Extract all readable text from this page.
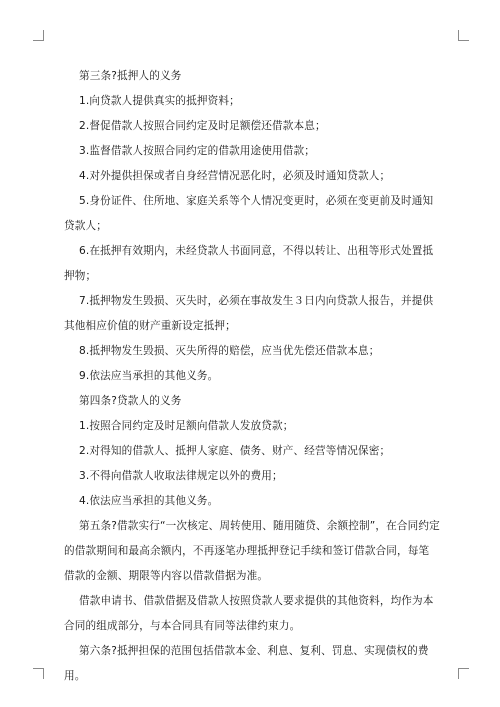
第三条?抵押人的义务

1.向贷款人提供真实的抵押资料；

2.督促借款人按照合同约定及时足额偿还借款本息；

3.监督借款人按照合同约定的借款用途使用借款；

4.对外提供担保或者自身经营情况恶化时，必须及时通知贷款人；

5.身份证件、住所地、家庭关系等个人情况变更时，必须在变更前及时通知贷款人；

6.在抵押有效期内，未经贷款人书面同意，不得以转让、出租等形式处置抵押物；

7.抵押物发生毁损、灭失时，必须在事故发生３日内向贷款人报告，并提供其他相应价值的财产重新设定抵押；

8.抵押物发生毁损、灭失所得的赔偿，应当优先偿还借款本息；

9.依法应当承担的其他义务。

第四条?贷款人的义务

1.按照合同约定及时足额向借款人发放贷款；

2.对得知的借款人、抵押人家庭、债务、财产、经营等情况保密；

3.不得向借款人收取法律规定以外的费用；

4.依法应当承担的其他义务。

第五条?借款实行“一次核定、周转使用、随用随贷、余额控制”，在合同约定的借款期间和最高余额内，不再逐笔办理抵押登记手续和签订借款合同，每笔借款的金额、期限等内容以借款借据为准。

借款申请书、借款借据及借款人按照贷款人要求提供的其他资料，均作为本合同的组成部分，与本合同具有同等法律约束力。

第六条?抵押担保的范围包括借款本金、利息、复利、罚息、实现债权的费用。
